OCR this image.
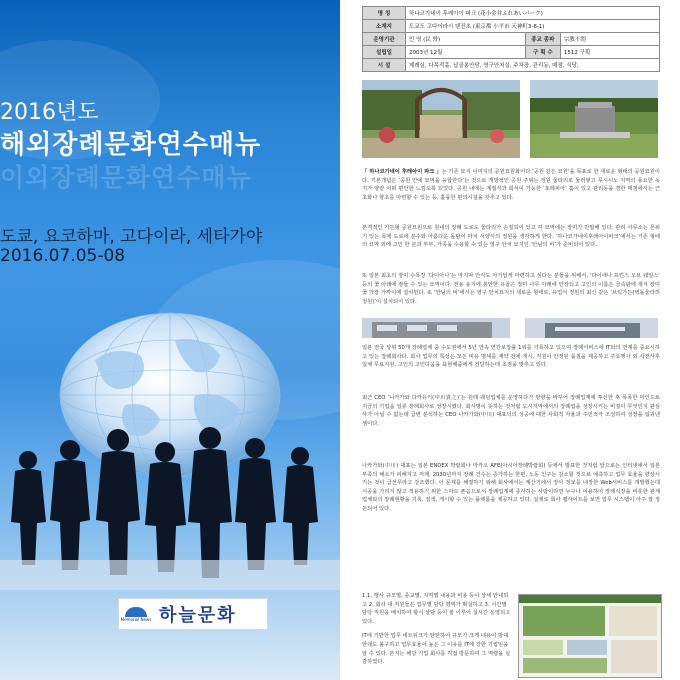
2016년도
해외장례문화연수매뉴
이외장례문화연수매뉴
도쿄, 요코하마, 고다이라, 세타가야
2016.07.05-08
Memorial News 하늘문화
명 칭	하나코가네이 후레아이 파크 (花小金井ふれあいパーク)		
소재지	도쿄도 고다이라시 텐진초 (東京都 小平市 天神町3-8-1)		
운영기관	민 영 (民 營)	종교 종파	宗教不問
설립일	2003년 12월	구 획 수	1512 구획
시 설	제례실, 다목적홀, 납골봉안당, 영구안치실, 주차장, 관리동, 매점, 식당,		
「 하나코가네이 후레아이 파크 」는 기존 묘지 이미지의 공원묘원화이다.‘공원 같은 묘원’을 목표로 한 새로운 형태의 공원묘원이다. 기본개념은 ‘공원 안에 묘역을 융합한다’는 것으로 개방적인 공원 주위는 정원 울타리로 둘러쌓고 무시시노 지역의 풍요한 녹지가 양끝 어떠 편안한 느낌도록 되었다. 공원 내에는 계절식과 회식이 가능한 ‘포레피아’ 홀이 있고 관리동을 겸한 매점에서는 근초화나 향초를 마련할 수 있는 등, 훌륭한 편의시설을 갖추고 있다.
본격적인 가든형 공원묘원으로 원내의 장례 도로도 울타리가 손질되어 있고 각 묘역에는 장미가 만발해 있다. 관리 사무소는 몬위기 있는 목제 도로에 분수와 아름다운 돌담이 마치 서양식의 정원을 생각하게 한다. ‘하나코가네이후레아이파크’에서는 기존 형태의 묘역 외에 고인 한 분과 부부, 가족을 수용할 수 있는 영구 안치 묘지인 ‘안님의 비’가 준비되어 있다.
또 일본 최초의 장미 수목장 ‘다이아나’는 마지막 안식도 자기답게 마련하고 싶다는 분들을 위해서, ‘다이애나 프린스 오브 웨일스’ 등의 꽃 아래에 잠들 수 있는 묘역이다. 전용 용기에 봉안한 유골은 장미 나무 아래에 안장되고 고인의 이름은 금속판에 새겨 장미꽃 가장 가까이에 설치된다. 또 ‘안님의 비’에서는 영구 안치묘지의 새로운 형태로, 유업식 정원의 최신 같은 ‘브릭가든(벽돌울타리정원)’이 설치되어 있다.
일본 전국 상위 50개 장례업체 중 수도권에서 5년 연속 연간보장률 1위를 기록하고 있으며 장례서비스에 IT와의 연계를 중요시하고 있는 장례회사다. 회사 업무의 특성은 모든 비용 명세를 계약 전에 개시, 직원이 안정된 품질을 제공하고 주요행사 외 사전사후 일체 무료지원, 고인의 고인다움을 표현해줌에게 전달하는데 초점을 맞추고 있다.
최근 CEO ‘니카가와 다카유키(中川貴之)’는 원래 웨딩업체를 운영하다가 방향을 바꾸어 장례업계에 투신한 후 폭폭한 마인드로 지금의 기업을 일류 장례회사로 성장시켰다. 회사명이 뜻하는 것처럼 도시지역에서의 장례업을 성장시키는 비결이 무엇인지 관심사가 아닐 수 없는데 급변 분석하는 CEO 나카가와(中川) 대표의의 성공에 대한 사회적 자율과 주민적극 조성하여 성장을 일궈낸 셈이다.
나카가와(中川) 대표는 일본 ENDEX 박람회나 마카오 AFE(아시아장례박람회) 등에서 발표한 것처럼 앞으로는 인터넷에서 일본 부족의 해소가 피해지고 저계, 2030년까지 장례 건수는 증가하는 한편, 노동 인구는 감소할 것으로 예측하고 업무 효율을 향상시키는 것이 급선무라고 강조했다. 이 문제를 해결하기 위해 회사에서는 계산기에서 장사 정보를 내장한 Web서비스를 개발했는데 시공을 가리지 않고 적용하기 위한 스마트 폰음으로서 장례업계에 종사하는 사람이라면 누구나 이용하여 장례식장을 비롯한 관계 업체와의 장례현황을 기록, 검색, 게시할 수 있는 플랫폼을 제공하고 있다. 실제로 회사 웹사이트를 보면 업무 시스템이 아주 잘 정돈되어 있다.
1.1. 행사 규모별, 종교별, 지역별 내용과 비용 등이 상세 안내되고 2. 회사 내 직원들은 업무별 담당 영역가 확실하고 3. 시간별 담당 직원을 배치하여 항시 상담 등이 잘 이루어 실시간 운영되고 있다.
IT에 기반한 업무 네트워크가 탄탄하여 규모가 크게 내용이 방대한데도 불구하고 업무효율이 높은 그 이유를 IT에 강한 기업임을 알 수 있다. 본지는 해당 기업 회사를 직접 방문하여 그 역량을 실감하였다.
